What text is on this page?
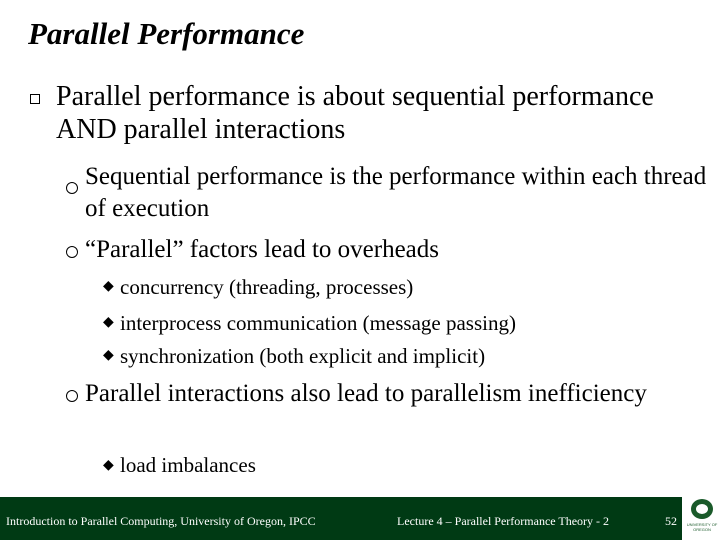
Parallel Performance
Parallel performance is about sequential performance AND parallel interactions
Sequential performance is the performance within each thread of execution
“Parallel” factors lead to overheads
◆ concurrency (threading, processes)
◆ interprocess communication (message passing)
◆ synchronization (both explicit and implicit)
Parallel interactions also lead to parallelism inefficiency
◆ load imbalances
Introduction to Parallel Computing, University of Oregon, IPCC	Lecture 4 – Parallel Performance Theory - 2	52 UNIVERSITY OF OREGON
